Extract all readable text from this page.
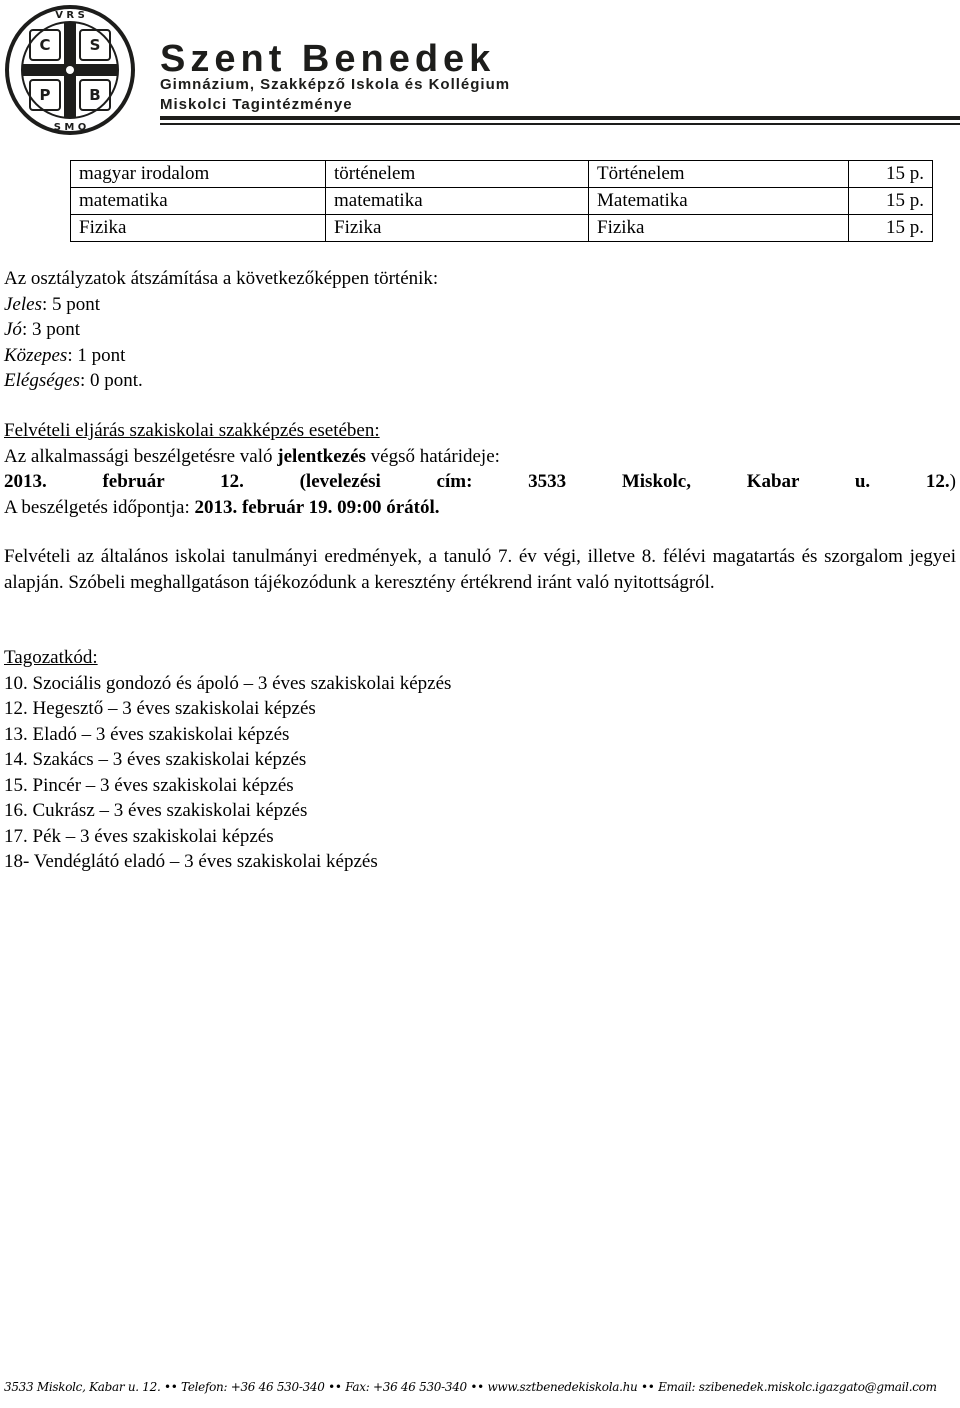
C	S
P	B
V R S
S M Q
Szent Benedek
Gimnázium, Szakképző Iskola és Kollégium
Miskolci Tagintézménye
magyar irodalom	történelem	Történelem	15 p.
matematika	matematika	Matematika	15 p.
Fizika	Fizika	Fizika	15 p.
Az osztályzatok átszámítása a következőképpen történik:
Jeles: 5 pont
Jó: 3 pont
Közepes: 1 pont
Elégséges: 0 pont.
Felvételi eljárás szakiskolai szakképzés esetében:
Az alkalmassági beszélgetésre való jelentkezés végső határideje:
2013. február 12. (levelezési cím: 3533 Miskolc, Kabar u. 12.)
A beszélgetés időpontja: 2013. február 19. 09:00 órától.
Felvételi az általános iskolai tanulmányi eredmények, a tanuló 7. év végi, illetve 8. félévi magatartás és szorgalom jegyei alapján. Szóbeli meghallgatáson tájékozódunk a keresztény értékrend iránt való nyitottságról.
Tagozatkód:
10. Szociális gondozó és ápoló – 3 éves szakiskolai képzés
12. Hegesztő – 3 éves szakiskolai képzés
13. Eladó – 3 éves szakiskolai képzés
14. Szakács – 3 éves szakiskolai képzés
15. Pincér – 3 éves szakiskolai képzés
16. Cukrász – 3 éves szakiskolai képzés
17. Pék – 3 éves szakiskolai képzés
18- Vendéglátó eladó – 3 éves szakiskolai képzés
3533 Miskolc, Kabar u. 12. •• Telefon: +36 46 530-340 •• Fax: +36 46 530-340 •• www.sztbenedekiskola.hu •• Email: szibenedek.miskolc.igazgato@gmail.com
